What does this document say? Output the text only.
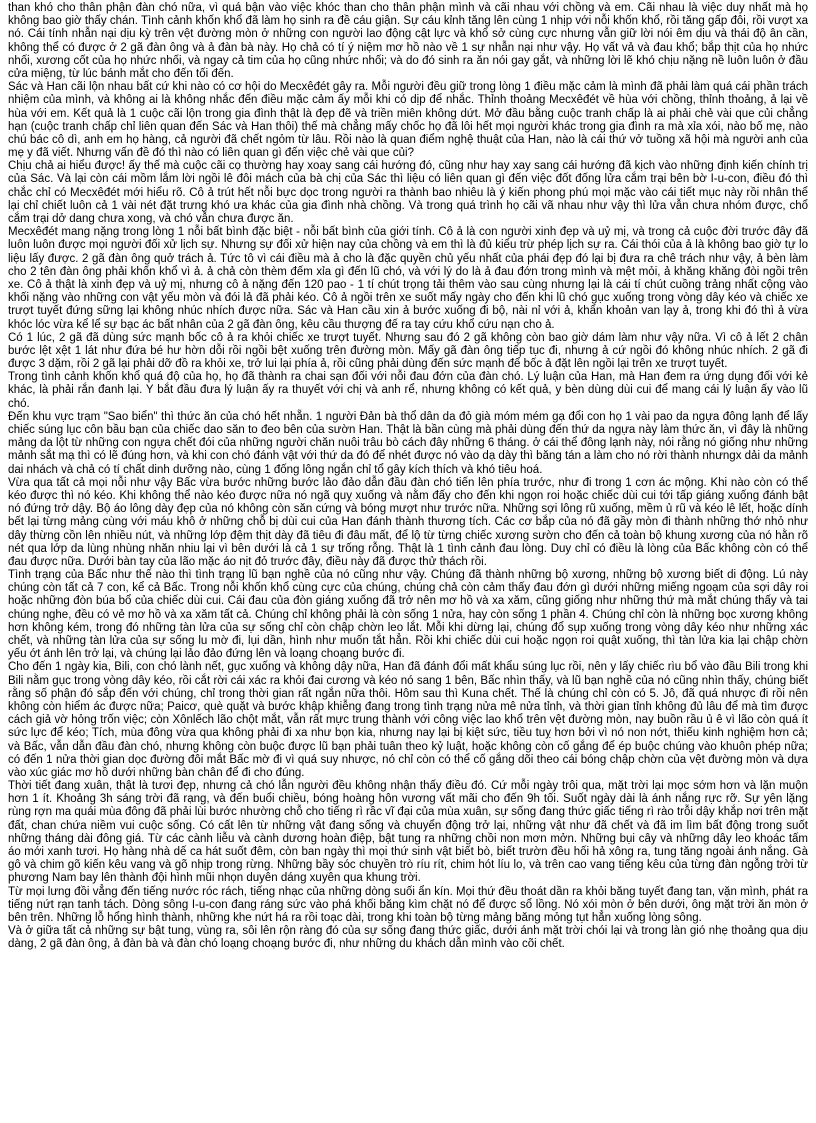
than khó cho thân phận đàn chó nữa, vì quá bận vào việc khóc than cho thân phận mình và cãi nhau với chồng và em. Cãi nhau là việc duy nhất mà họ không bao giờ thấy chán. Tình cảnh khốn khổ đã làm họ sinh ra đề cáu giận. Sự cáu kỉnh tăng lên cùng 1 nhịp với nỗi khốn khổ, rồi tăng gấp đôi, rồi vượt xa nó. Cái tính nhẫn nại dịu kỳ trên vệt đường mòn ở những con người lao động cật lực và khổ sở cùng cực nhưng vẫn giữ lời nói êm dịu và thái độ ân cần, không thể có được ở 2 gã đàn ông và ả đàn bà này. Họ chả có tí ý niệm mơ hồ nào về 1 sự nhẫn nại như vậy. Họ vất vả và đau khổ; bắp thịt của họ nhức nhối, xương cốt của họ nhức nhối, và ngay cả tim của họ cũng nhức nhối; và do đó sinh ra ăn nói gay gắt, và những lời lẽ khó chịu nặng nề luôn luôn ở đầu cửa miệng, từ lúc bánh mắt cho đến tối đến.

Sác và Han cãi lộn nhau bất cứ khi nào có cơ hội do Mecxêđét gây ra. Mỗi người đều giữ trong lòng 1 điều mặc cảm là mình đã phải làm quá cái phần trách nhiệm của mình, và không ai là không nhắc đến điều mặc cảm ấy mỗi khi có dịp để nhắc. Thỉnh thoảng Mecxêđét về hùa với chồng, thỉnh thoảng, ả lại về hùa với em. Kết quả là 1 cuộc cãi lộn trong gia đình thật là đẹp đẽ và triền miên không dứt. Mở đầu bằng cuộc tranh chấp là ai phải chẻ vài que củi chẳng hạn (cuộc tranh chấp chỉ liên quan đến Sác và Han thôi) thế mà chẳng mấy chốc họ đã lôi hết mọi người khác trong gia đình ra mà xỉa xói, nào bố mẹ, nào chú bác cô dì, anh em họ hàng, cả người đã chết ngỏm từ lâu. Rồi nào là quan điểm nghệ thuật của Han, nào là cái thứ vở tuồng xã hội mà người anh của mẹ y đã viết. Nhưng vấn đề đó thì nào có liên quan gì đến việc chẻ vài que củi?

Chịu chả ai hiểu được! ấy thế mà cuộc cãi cọ thường hay xoay sang cái hướng đó, cũng như hay xay sang cái hướng đã kịch vào những định kiến chính trị của Sác. Và lại còn cái mồm lắm lời ngồi lê đôi mách của bà chị của Sác thì liệu có liên quan gì đến việc đốt đống lửa cắm trại bên bờ I-u-con, điều đó thì chắc chỉ có Mecxêđét mới hiểu rõ. Cô ả trút hết nỗi bực dọc trong người ra thành bao nhiêu là ý kiến phong phú mọi mặc vào cái tiết mục này rồi nhân thể lại chỉ chiết luôn cả 1 vài nét đặt trưng khó ưa khác của gia đình nhà chồng. Và trong quá trình họ cãi vã nhau như vậy thì lửa vẫn chưa nhóm được, chổ cắm trại dở dang chưa xong, và chó vẫn chưa được ăn.

Mecxêđét mang nặng trong lòng 1 nỗi bất bình đặc biệt - nỗi bất bình của giới tính. Cô ả là con người xinh đẹp và uỷ mị, và trong cả cuộc đời trước đây đã luôn luôn được mọi người đối xử lịch sự. Nhưng sự đối xử hiện nay của chồng và em thì là đủ kiểu trừ phép lịch sự ra. Cái thói của ả là không bao giờ tự lo liệu lấy được. 2 gã đàn ông quở trách ả. Tức tô vì cái điều mà ả cho là đặc quyền chủ yếu nhất của phái đẹp đó lại bị đưa ra chê trách như vậy, ả bèn làm cho 2 tên đàn ông phải khốn khổ vì ả. ả chả còn thèm đếm xỉa gì đến lũ chó, và với lý do là ả đau đớn trong mình và mệt mỏi, ả khăng khăng đòi ngồi trên xe. Cô ả thật là xinh đẹp và uỷ mị, nhưng cô ả nặng đến 120 pao - 1 tí chút trọng tải thêm vào sau cùng nhưng lại là cái tí chút cuồng trảng nhất cộng vào khối nặng vào những con vật yếu mòn và đói lả đã phải kéo. Cô ả ngồi trên xe suốt mấy ngày cho đến khi lũ chó gục xuống trong vòng dây kéo và chiếc xe trượt tuyết đứng sững lại không nhúc nhích được nữa. Sác và Han cầu xin ả bước xuống đi bộ, nài nỉ với ả, khẩn khoản van lạy ả, trong khi đó thì ả vừa khóc lóc vừa kể lể sự bạc ác bất nhân của 2 gã đàn ông, kêu cầu thượng đế ra tay cứu khổ cứu nạn cho ả.

Có 1 lúc, 2 gã đã dùng sức mạnh bốc cô ả ra khỏi chiếc xe trượt tuyết. Nhưng sau đó 2 gã không còn bao giờ dám làm như vậy nữa. Vì cô ả lết 2 chân bước lệt xệt 1 lát như đứa bé hư hờn dỗi rồi ngồi bệt xuống trên đường mòn. Mấy gã đàn ông tiếp tục đi, nhưng ả cứ ngồi đó không nhúc nhích. 2 gã đi được 3 dặm, rồi 2 gã lại phải dỡ đồ ra khỏi xe, trở lui lại phía ả, rồi cũng phải dùng đến sức mạnh để bốc ả đặt lên ngồi lại trên xe trượt tuyết.

Trong tình cảnh khốn khổ quá độ của họ, họ đã thành ra chai sạn đối với nỗi đau đớn của đàn chó. Lý luận của Han, mà Han đem ra ứng dụng đối với kẻ khác, là phải rắn đanh lại. Y bắt đầu đưa lý luận ấy ra thuyết với chị và anh rể, nhưng không có kết quả, y bèn dùng dùi cui để mang cái lý luận ấy vào lũ chó.

Đến khu vực trạm "Sao biển" thì thức ăn của chó hết nhẵn. 1 người Đản bà thổ dân da đỏ già móm mém gạ đổi con họ 1 vài pao da ngựa đông lạnh để lấy chiếc súng lục côn bầu bạn của chiếc dao săn to đeo bên của sườn Han. Thật là bần cùng mà phải dùng đến thứ da ngựa này làm thức ăn, vì đây là những mảng da lột từ những con ngựa chết đói của những người chăn nuôi trâu bò cách đây những 6 tháng. ở cái thể đông lạnh này, nói rằng nó giống như những mảnh sắt mạ thì có lẽ đúng hơn, và khi con chó đánh vật với thứ da đó để nhét được nó vào dạ dày thì băng tán a làm cho nó rời thành nhưngx dải da mảnh dai nhách và chả có tí chất dinh dưỡng nào, cùng 1 đống lông ngắn chỉ tổ gây kích thích và khó tiêu hoá.

Vừa qua tất cả mọi nỗi như vậy Bấc vừa bước những bước lảo đảo dẫn đầu đàn chó tiến lên phía trước, như đi trong 1 cơn ác mộng. Khi nào còn có thể kéo được thì nó kéo. Khi không thể nào kéo được nữa nó ngã quỵ xuống và nằm đấy cho đến khi ngọn roi hoặc chiếc dùi cui tới tấp giáng xuống đánh bật nó đứng trở dậy. Bộ áo lông dày đẹp của nó không còn săn cứng và bóng mượt như trước nữa. Những sợi lông rũ xuống, mềm ủ rũ và kéo lê lết, hoặc dính bết lại từng mảng cùng với máu khô ở những chỗ bị dùi cui của Han đánh thành thương tích. Các cơ bắp của nó đã gầy mòn đi thành những thớ nhỏ như dây thừng cồn lên nhiều nút, và những lớp đệm thịt dày đã tiêu đi đâu mất, để lộ từ từng chiếc xương sườn cho đến cả toàn bộ khung xương của nó hằn rõ nét qua lớp da lùng nhùng nhăn nhiu lại vì bên dưới là cả 1 sự trống rỗng. Thật là 1 tình cảnh đau lòng. Duy chỉ có điều là lòng của Bấc không còn có thể đau được nữa. Dưới bàn tay của lão mặc áo nịt đỏ trước đây, điều này đã được thử thách rồi.

Tình trạng của Bấc như thế nào thì tình trạng lũ bạn nghề của nó cũng như vậy. Chúng đã thành những bộ xương, những bộ xương biết di động. Lú này chúng còn tất cả 7 con, kể cả Bấc. Trong nỗi khốn khổ cùng cực của chúng, chúng chả còn cảm thấy đau đớn gì dưới những miếng ngoạm của sợi dây roi hoặc những đòn búa bổ của chiếc dùi cui. Cái đau của đòn giáng xuống đã trở nên mơ hồ và xa xăm, cũng giống như những thứ mà mắt chúng thấy và tai chúng nghe, đều có vẻ mơ hồ và xa xăm tất cả. Chúng chỉ không phải là còn sống 1 nửa, hay còn sống 1 phần 4. Chúng chỉ còn là những bọc xương không hơn không kém, trong đó những tàn lửa của sự sống chỉ còn chập chờn leo lắt. Mỗi khi dừng lại, chúng đổ sụp xuống trong vòng dây kéo như những xác chết, và những tàn lửa của sự sống lu mờ đi, lụi dần, hình như muốn tắt hẳn. Rồi khi chiếc dùi cui hoặc ngọn roi quật xuống, thì tàn lửa kia lại chập chờn yếu ớt ánh lên trở lại, và chúng lại lảo đảo đứng lên và loạng choạng bước đi.

Cho đến 1 ngày kia, Bili, con chó lành nết, gục xuống và không dậy nữa, Han đã đánh đổi mất khẩu súng lục rồi, nên y lấy chiếc rìu bổ vào đầu Bili trong khi Bili nằm gục trong vòng dây kéo, rồi cắt rời cái xác ra khỏi đai cương và kéo nó sang 1 bên, Bấc nhìn thấy, và lũ bạn nghề của nó cũng nhìn thấy, chúng biết rằng số phận đó sắp đến với chúng, chỉ trong thời gian rất ngắn nữa thôi. Hôm sau thì Kuna chết. Thế là chúng chỉ còn có 5. Jô, đã quá nhược đi rồi nên không còn hiểm ác được nữa; Paicơ, què quặt và bước khập khiễng đang trong tình trạng nửa mê nửa tỉnh, và thời gian tỉnh không đủ lâu để mà tìm được cách giả vờ hỏng trốn việc; còn Xônlếch lão chột mắt, vẫn rất mực trung thành với công việc lao khổ trên vệt đường mòn, nay buồn rầu ủ ê vì lão còn quá ít sức lực để kéo; Tích, mùa đông vừa qua không phải đi xa như bọn kia, nhưng nay lại bị kiệt sức, tiều tuỵ hơn bởi vì nó non nớt, thiếu kinh nghiệm hơn cả; và Bấc, vẫn dẫn đầu đàn chó, nhưng không còn buộc được lũ bạn phải tuân theo kỷ luật, hoặc không còn cố gắng để ép buộc chúng vào khuôn phép nữa; có đến 1 nửa thời gian dọc đường đôi mắt Bấc mờ đi vì quá suy nhược, nó chỉ còn có thể cố gắng dõi theo cái bóng chập chờn của vệt đường mòn và dựa vào xúc giác mơ hồ dưới những bàn chân để đi cho đúng.

Thời tiết đang xuân, thật là tươi đẹp, nhưng cả chó lẫn người đều không nhận thấy điều đó. Cứ mỗi ngày trôi qua, mặt trời lại mọc sớm hơn và lặn muộn hơn 1 ít. Khoảng 3h sáng trời đã rạng, và đến buổi chiều, bóng hoàng hôn vương vất mãi cho đến 9h tối. Suốt ngày dài là ánh nắng rực rỡ. Sự yên lặng rùng rợn ma quái mùa đông đã phải lùi bước nhường chỗ cho tiếng rì rầc vĩ đại của mùa xuân, sự sống đang thức giấc tiếng rì rào trỗi dậy khắp nơi trên mặt đất, chan chứa niềm vui cuộc sống. Có cất lên từ những vật đang sống và chuyển động trở lại, những vật như đã chết và đã im lìm bất động trong suốt những tháng dài đông giá. Từ các cành liễu và cành dương hoàn điệp, bật tung ra những chồi non mơn mởn. Những bụi cây và những dây leo khoác tấm áo mới xanh tươi. Họ hàng nhà dế ca hát suốt đêm, còn ban ngày thì mọi thứ sinh vật biết bò, biết trườn đều hối hả xông ra, tung tăng ngoài ánh nắng. Gà gô và chim gõ kiến kêu vang và gõ nhịp trong rừng. Những bầy sóc chuyền trò ríu rít, chim hót líu lo, và trên cao vang tiếng kêu của từng đàn ngỗng trời từ phương Nam bay lên thành đội hình mũi nhọn duyên dáng xuyên qua khung trời.

Từ mọi lưng đồi vẳng đến tiếng nước róc rách, tiếng nhạc của những dòng suối ẩn kín. Mọi thứ đều thoát dần ra khỏi băng tuyết đang tan, vặn mình, phát ra tiếng nứt rạn tanh tách. Dòng sông I-u-con đang ráng sức vào phá khối băng kìm chặt nó để được sổ lồng. Nó xói mòn ở bên dưới, ông mặt trời ăn mòn ở bên trên. Những lỗ hổng hình thành, những khe nứt há ra rồi toạc dài, trong khi toàn bộ từng mảng băng mỏng tụt hẳn xuống lòng sông.

Và ở giữa tất cả những sự bật tung, vùng ra, sôi lên rộn ràng đó của sự sống đang thức giấc, dưới ánh mặt trời chói lại và trong làn gió nhẹ thoảng qua dịu dàng, 2 gã đàn ông, ả đàn bà và đàn chó loạng choạng bước đi, như những du khách dẫn mình vào cõi chết.
